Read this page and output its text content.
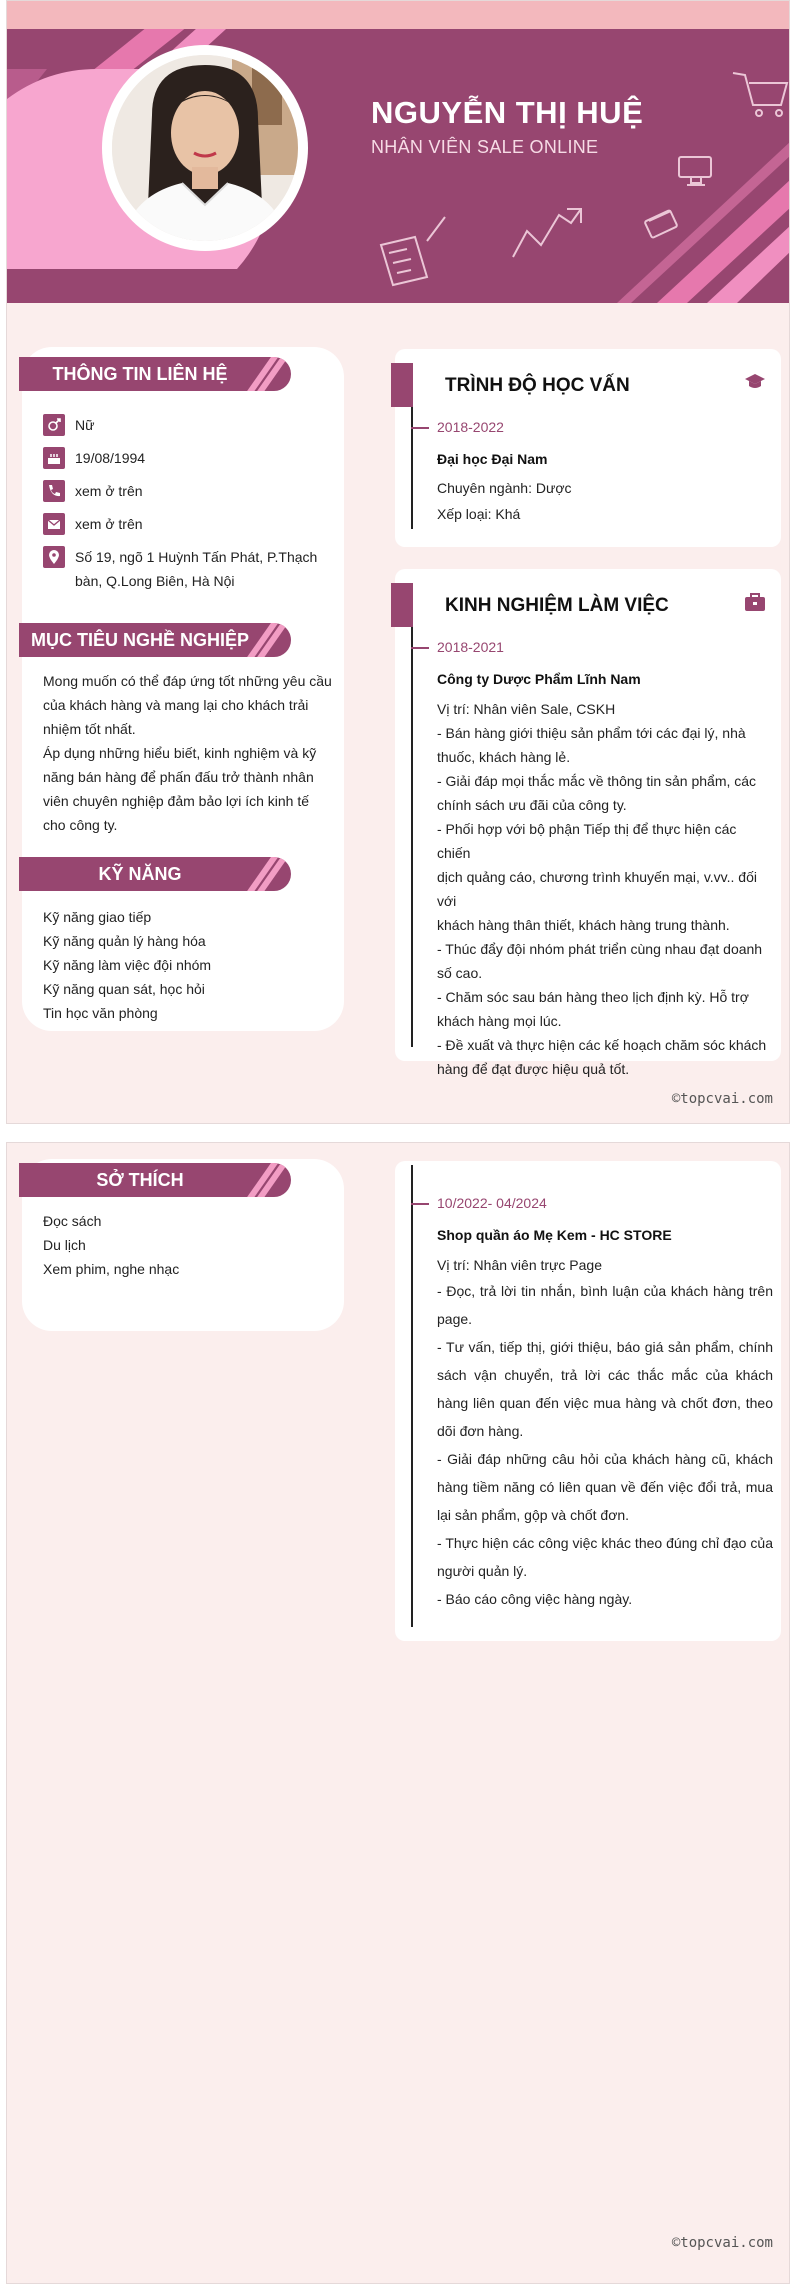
NGUYỄN THỊ HUỆ
NHÂN VIÊN SALE ONLINE
THÔNG TIN LIÊN HỆ
Nữ
19/08/1994
xem ở trên
xem ở trên
Số 19, ngõ 1 Huỳnh Tấn Phát, P.Thạch
bàn, Q.Long Biên, Hà Nội
MỤC TIÊU NGHỀ NGHIỆP
Mong muốn có thể đáp ứng tốt những yêu cầu
của khách hàng và mang lại cho khách trải
nhiệm tốt nhất.
Áp dụng những hiểu biết, kinh nghiệm và kỹ
năng bán hàng để phấn đấu trở thành nhân
viên chuyên nghiệp đảm bảo lợi ích kinh tế
cho công ty.
KỸ NĂNG
Kỹ năng giao tiếp
Kỹ năng quản lý hàng hóa
Kỹ năng làm việc đội nhóm
Kỹ năng quan sát, học hỏi
Tin học văn phòng
TRÌNH ĐỘ HỌC VẤN
2018-2022
Đại học Đại Nam
Chuyên ngành: Dược
Xếp loại: Khá
KINH NGHIỆM LÀM VIỆC
2018-2021
Công ty Dược Phẩm Lĩnh Nam
Vị trí: Nhân viên Sale, CSKH
- Bán hàng giới thiệu sản phẩm tới các đại lý, nhà
thuốc, khách hàng lẻ.
- Giải đáp mọi thắc mắc về thông tin sản phẩm, các
chính sách ưu đãi của công ty.
- Phối hợp với bộ phận Tiếp thị để thực hiện các chiến
dịch quảng cáo, chương trình khuyến mại, v.vv.. đối với
khách hàng thân thiết, khách hàng trung thành.
- Thúc đẩy đội nhóm phát triển cùng nhau đạt doanh
số cao.
- Chăm sóc sau bán hàng theo lịch định kỳ. Hỗ trợ
khách hàng mọi lúc.
- Đề xuất và thực hiện các kế hoạch chăm sóc khách
hàng để đạt được hiệu quả tốt.
©topcvai.com
SỞ THÍCH
Đọc sách
Du lịch
Xem phim, nghe nhạc
10/2022- 04/2024
Shop quần áo Mẹ Kem - HC STORE
Vị trí: Nhân viên trực Page
- Đọc, trả lời tin nhắn, bình luận của khách hàng trên page.
- Tư vấn, tiếp thị, giới thiệu, báo giá sản phẩm, chính sách vận chuyển, trả lời các thắc mắc của khách hàng liên quan đến việc mua hàng và chốt đơn, theo dõi đơn hàng.
- Giải đáp những câu hỏi của khách hàng cũ, khách hàng tiềm năng có liên quan về đến việc đổi trả, mua lại sản phẩm, gộp và chốt đơn.
- Thực hiện các công việc khác theo đúng chỉ đạo của người quản lý.
- Báo cáo công việc hàng ngày.
©topcvai.com
